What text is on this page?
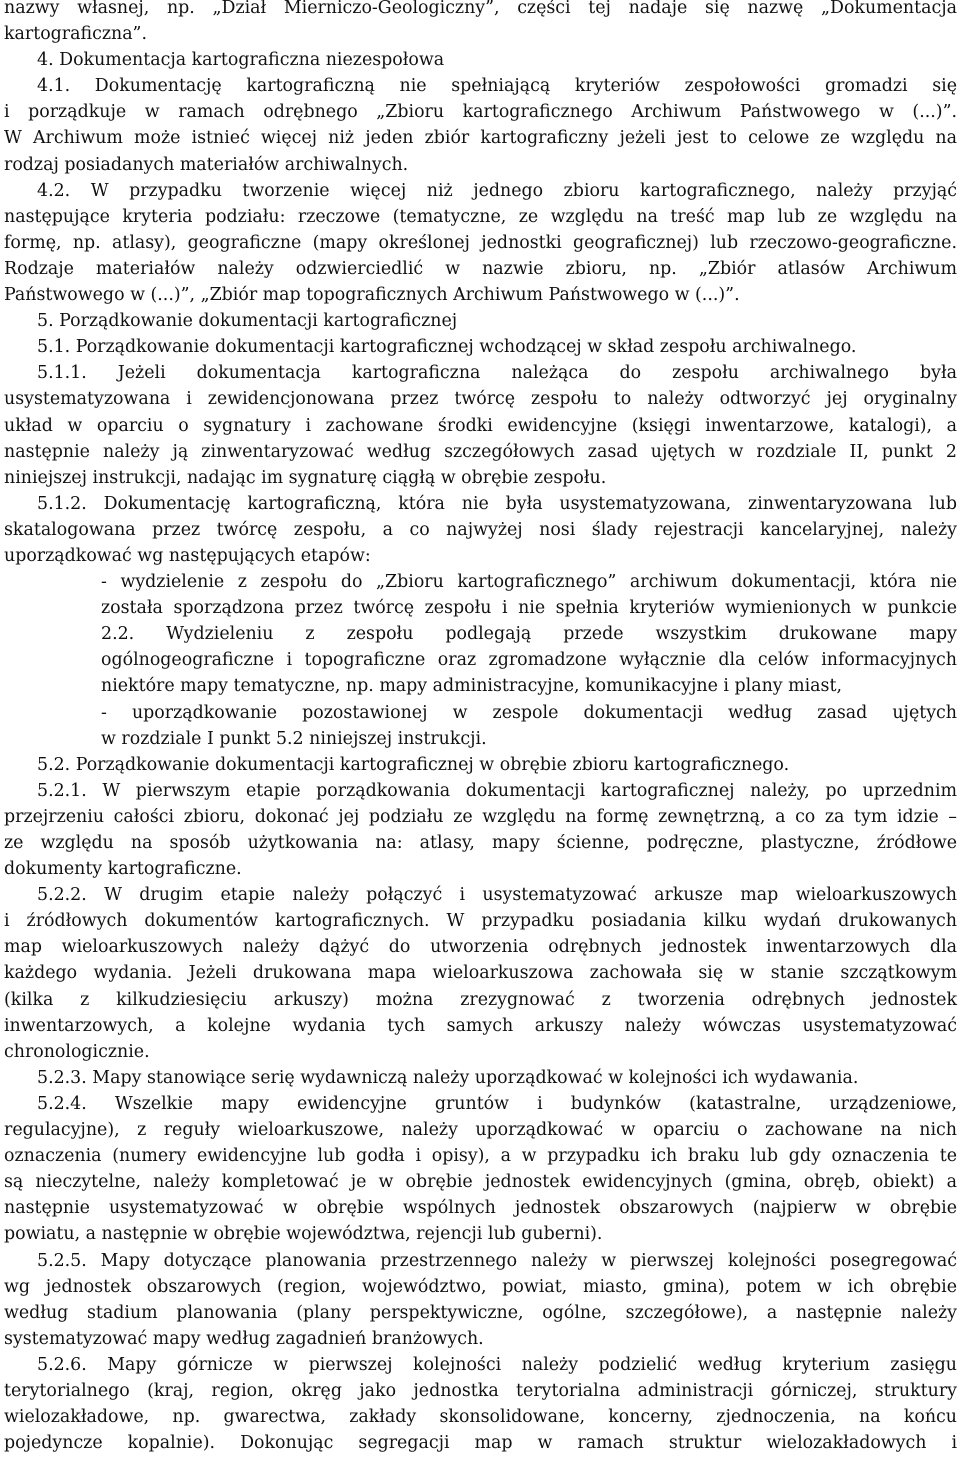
nazwy własnej, np. „Dział Mierniczo-Geologiczny”, części tej nadaje się nazwę „Dokumentacja
kartograficzna”.

4. Dokumentacja kartograficzna niezespołowa

4.1. Dokumentację kartograficzną nie spełniającą kryteriów zespołowości gromadzi się
i porządkuje w ramach odrębnego „Zbioru kartograficznego Archiwum Państwowego w (...)”.
W Archiwum może istnieć więcej niż jeden zbiór kartograficzny jeżeli jest to celowe ze względu na
rodzaj posiadanych materiałów archiwalnych.

4.2. W przypadku tworzenie więcej niż jednego zbioru kartograficznego, należy przyjąć
następujące kryteria podziału: rzeczowe (tematyczne, ze względu na treść map lub ze względu na
formę, np. atlasy), geograficzne (mapy określonej jednostki geograficznej) lub rzeczowo-geograficzne.
Rodzaje materiałów należy odzwierciedlić w nazwie zbioru, np. „Zbiór atlasów Archiwum
Państwowego w (...)”, „Zbiór map topograficznych Archiwum Państwowego w (...)”.

5. Porządkowanie dokumentacji kartograficznej

5.1. Porządkowanie dokumentacji kartograficznej wchodzącej w skład zespołu archiwalnego.

5.1.1. Jeżeli dokumentacja kartograficzna należąca do zespołu archiwalnego była
usystematyzowana i zewidencjonowana przez twórcę zespołu to należy odtworzyć jej oryginalny
układ w oparciu o sygnatury i zachowane środki ewidencyjne (księgi inwentarzowe, katalogi), a
następnie należy ją zinwentaryzować według szczegółowych zasad ujętych w rozdziale II, punkt 2
niniejszej instrukcji, nadając im sygnaturę ciągłą w obrębie zespołu.

5.1.2. Dokumentację kartograficzną, która nie była usystematyzowana, zinwentaryzowana lub
skatalogowana przez twórcę zespołu, a co najwyżej nosi ślady rejestracji kancelaryjnej, należy
uporządkować wg następujących etapów:

- wydzielenie z zespołu do „Zbioru kartograficznego” archiwum dokumentacji, która nie
została sporządzona przez twórcę zespołu i nie spełnia kryteriów wymienionych w punkcie
2.2. Wydzieleniu z zespołu podlegają przede wszystkim drukowane mapy
ogólnogeograficzne i topograficzne oraz zgromadzone wyłącznie dla celów informacyjnych
niektóre mapy tematyczne, np. mapy administracyjne, komunikacyjne i plany miast,

- uporządkowanie pozostawionej w zespole dokumentacji według zasad ujętych
w rozdziale I punkt 5.2 niniejszej instrukcji.

5.2. Porządkowanie dokumentacji kartograficznej w obrębie zbioru kartograficznego.

5.2.1. W pierwszym etapie porządkowania dokumentacji kartograficznej należy, po uprzednim
przejrzeniu całości zbioru, dokonać jej podziału ze względu na formę zewnętrzną, a co za tym idzie –
ze względu na sposób użytkowania na: atlasy, mapy ścienne, podręczne, plastyczne, źródłowe
dokumenty kartograficzne.

5.2.2. W drugim etapie należy połączyć i usystematyzować arkusze map wieloarkuszowych
i źródłowych dokumentów kartograficznych. W przypadku posiadania kilku wydań drukowanych
map wieloarkuszowych należy dążyć do utworzenia odrębnych jednostek inwentarzowych dla
każdego wydania. Jeżeli drukowana mapa wieloarkuszowa zachowała się w stanie szczątkowym
(kilka z kilkudziesięciu arkuszy) można zrezygnować z tworzenia odrębnych jednostek
inwentarzowych, a kolejne wydania tych samych arkuszy należy wówczas usystematyzować
chronologicznie.

5.2.3. Mapy stanowiące serię wydawniczą należy uporządkować w kolejności ich wydawania.

5.2.4. Wszelkie mapy ewidencyjne gruntów i budynków (katastralne, urządzeniowe,
regulacyjne), z reguły wieloarkuszowe, należy uporządkować w oparciu o zachowane na nich
oznaczenia (numery ewidencyjne lub godła i opisy), a w przypadku ich braku lub gdy oznaczenia te
są nieczytelne, należy kompletować je w obrębie jednostek ewidencyjnych (gmina, obręb, obiekt) a
następnie usystematyzować w obrębie wspólnych jednostek obszarowych (najpierw w obrębie
powiatu, a następnie w obrębie województwa, rejencji lub guberni).

5.2.5. Mapy dotyczące planowania przestrzennego należy w pierwszej kolejności posegregować
wg jednostek obszarowych (region, województwo, powiat, miasto, gmina), potem w ich obrębie
według stadium planowania (plany perspektywiczne, ogólne, szczegółowe), a następnie należy
systematyzować mapy według zagadnień branżowych.

5.2.6. Mapy górnicze w pierwszej kolejności należy podzielić według kryterium zasięgu
terytorialnego (kraj, region, okręg jako jednostka terytorialna administracji górniczej, struktury
wielozakładowe, np. gwarectwa, zakłady skonsolidowane, koncerny, zjednoczenia, na końcu
pojedyncze kopalnie). Dokonując segregacji map w ramach struktur wielozakładowych i
